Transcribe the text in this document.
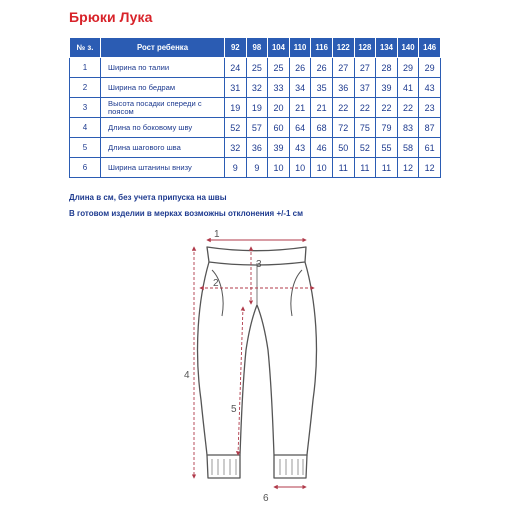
Брюки Лука
№ з.	Рост ребенка	92	98	104	110	116	122	128	134	140	146
1	Ширина по талии	24	25	25	26	26	27	27	28	29	29
2	Ширина по бедрам	31	32	33	34	35	36	37	39	41	43
3	Высота посадки спереди с поясом	19	19	20	21	21	22	22	22	22	23
4	Длина по боковому шву	52	57	60	64	68	72	75	79	83	87
5	Длина шагового шва	32	36	39	43	46	50	52	55	58	61
6	Ширина штанины внизу	9	9	10	10	10	11	11	11	12	12
Длина в см, без учета припуска на швы
В готовом изделии в мерках возможны отклонения +/-1 см
1
2
3
4
5
6
